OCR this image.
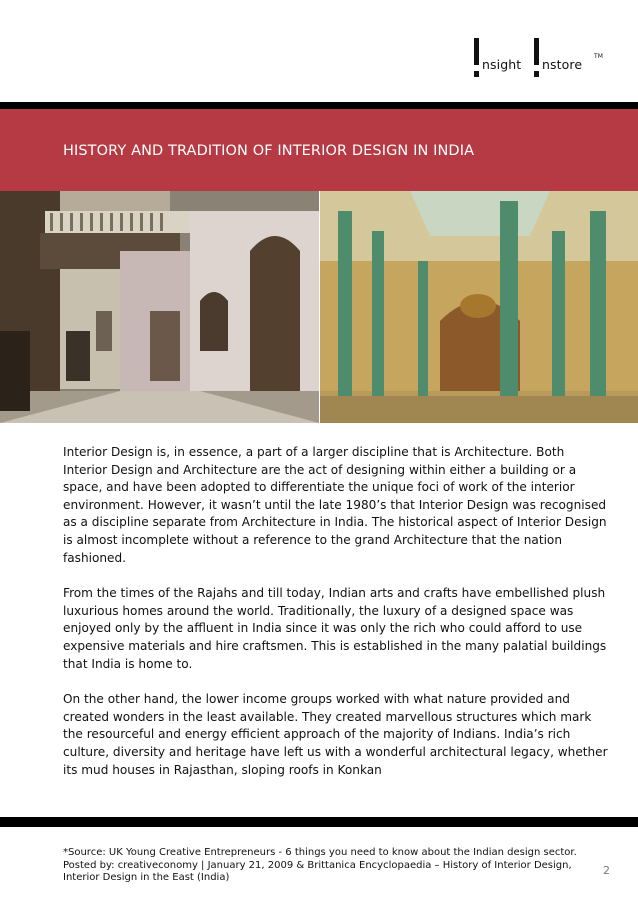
nsight nstore
TM
HISTORY AND TRADITION OF INTERIOR DESIGN IN INDIA

Interior Design is, in essence, a part of a larger discipline that is Architecture. Both Interior Design and Architecture are the act of designing within either a building or a space, and have been adopted to differentiate the unique foci of work of the interior environment. However, it wasn’t until the late 1980’s that Interior Design was recognised as a discipline separate from Architecture in India. The historical aspect of Interior Design is almost incomplete without a reference to the grand Architecture that the nation fashioned.

From the times of the Rajahs and till today, Indian arts and crafts have embellished plush luxurious homes around the world. Traditionally, the luxury of a designed space was enjoyed only by the affluent in India since it was only the rich who could afford to use expensive materials and hire craftsmen. This is established in the many palatial buildings that India is home to.

On the other hand, the lower income groups worked with what nature provided and created wonders in the least available. They created marvellous structures which mark the resourceful and energy efficient approach of the majority of Indians. India’s rich culture, diversity and heritage have left us with a wonderful architectural legacy, whether its mud houses in Rajasthan, sloping roofs in Konkan

*Source: UK Young Creative Entrepreneurs - 6 things you need to know about the Indian design sector. Posted by: creativeconomy | January 21, 2009 & Brittanica Encyclopaedia – History of Interior Design, Interior Design in the East (India)
2
